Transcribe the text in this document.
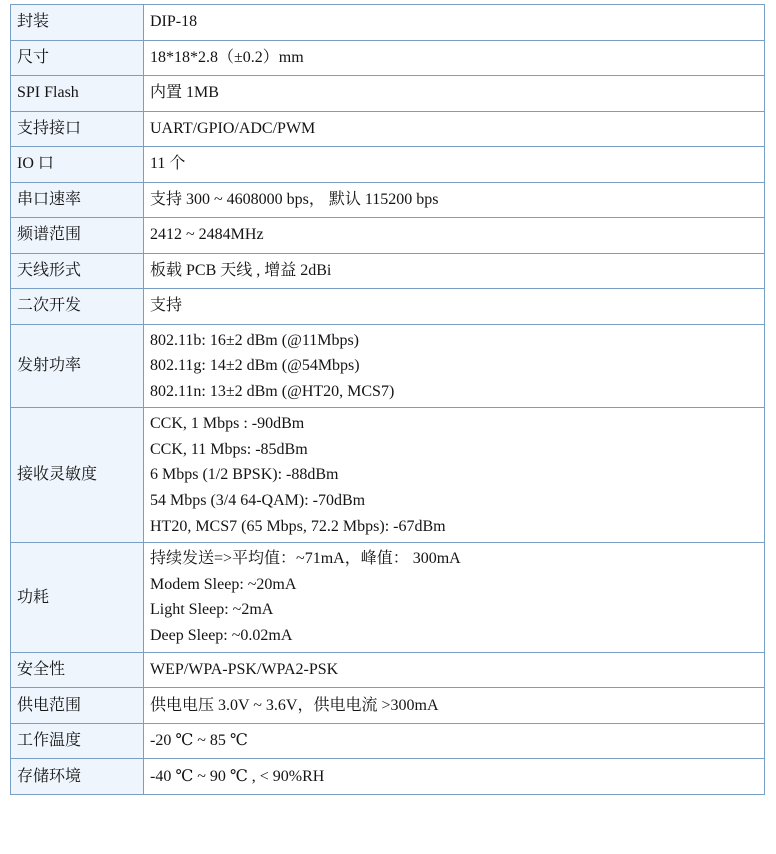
封装	DIP-18
尺寸	18*18*2.8（±0.2）mm
SPI Flash	内置 1MB
支持接口	UART/GPIO/ADC/PWM
IO 口	11 个
串口速率	支持 300 ~ 4608000 bps， 默认 115200 bps
频谱范围	2412 ~ 2484MHz
天线形式	板载 PCB 天线 , 增益 2dBi
二次开发	支持
发射功率	802.11b: 16±2 dBm (@11Mbps)
802.11g: 14±2 dBm (@54Mbps)
802.11n: 13±2 dBm (@HT20, MCS7)

接收灵敏度	CCK, 1 Mbps : -90dBm
CCK, 11 Mbps: -85dBm
6 Mbps (1/2 BPSK): -88dBm
54 Mbps (3/4 64-QAM): -70dBm
HT20, MCS7 (65 Mbps, 72.2 Mbps): -67dBm

功耗	持续发送=>平均值：~71mA，峰值： 300mA
Modem Sleep: ~20mA
Light Sleep: ~2mA
Deep Sleep: ~0.02mA

安全性	WEP/WPA-PSK/WPA2-PSK
供电范围	供电电压 3.0V ~ 3.6V，供电电流 >300mA
工作温度	-20 ℃ ~ 85 ℃
存储环境	-40 ℃ ~ 90 ℃ , < 90%RH
